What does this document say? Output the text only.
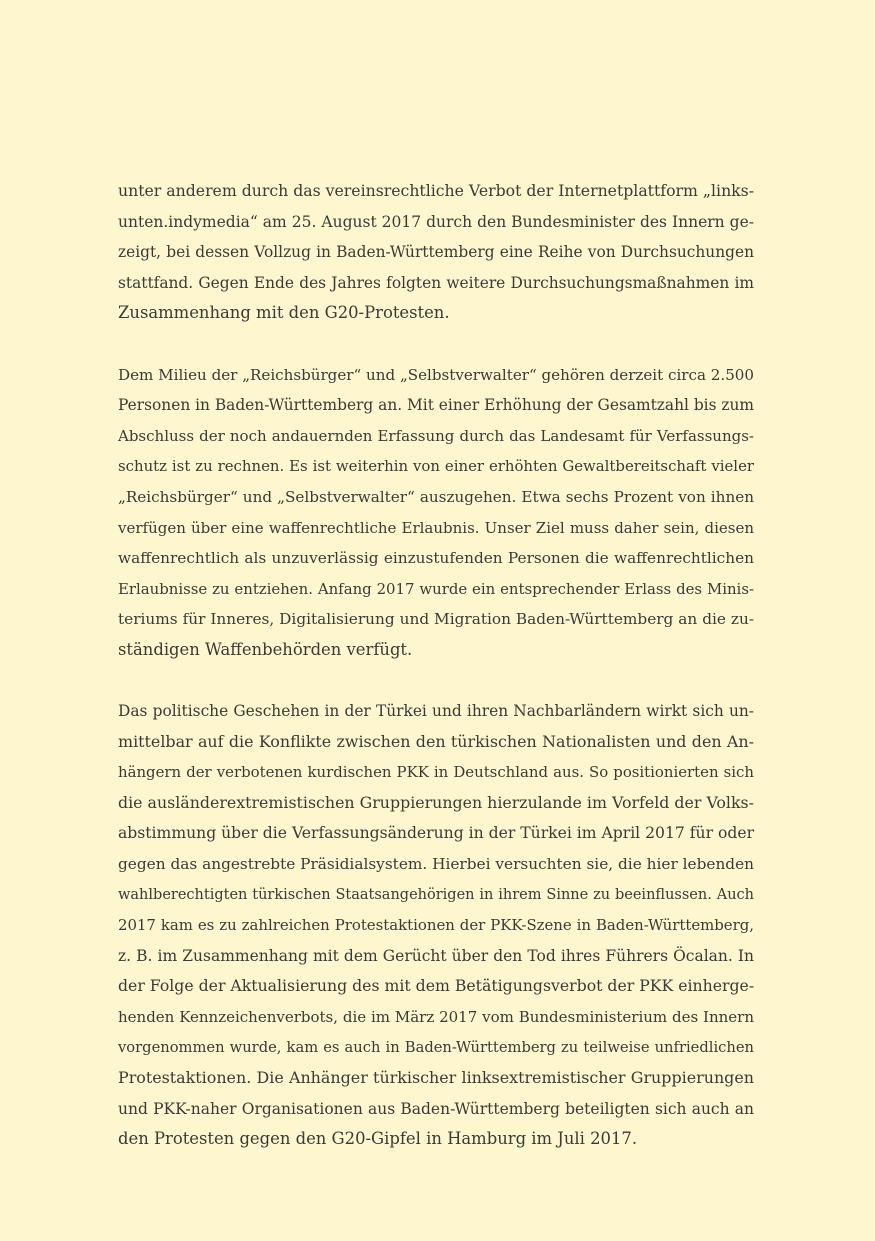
unter anderem durch das vereinsrechtliche Verbot der Internetplattform „links-
unten.indymedia“ am 25. August 2017 durch den Bundesminister des Innern ge-
zeigt, bei dessen Vollzug in Baden-Württemberg eine Reihe von Durchsuchungen
stattfand. Gegen Ende des Jahres folgten weitere Durchsuchungsmaßnahmen im
Zusammenhang mit den G20-Protesten.
Dem Milieu der „Reichsbürger“ und „Selbstverwalter“ gehören derzeit circa 2.500
Personen in Baden-Württemberg an. Mit einer Erhöhung der Gesamtzahl bis zum
Abschluss der noch andauernden Erfassung durch das Landesamt für Verfassungs-
schutz ist zu rechnen. Es ist weiterhin von einer erhöhten Gewaltbereitschaft vieler
„Reichsbürger“ und „Selbstverwalter“ auszugehen. Etwa sechs Prozent von ihnen
verfügen über eine waffenrechtliche Erlaubnis. Unser Ziel muss daher sein, diesen
waffenrechtlich als unzuverlässig einzustufenden Personen die waffenrechtlichen
Erlaubnisse zu entziehen. Anfang 2017 wurde ein entsprechender Erlass des Minis-
teriums für Inneres, Digitalisierung und Migration Baden-Württemberg an die zu-
ständigen Waffenbehörden verfügt.
Das politische Geschehen in der Türkei und ihren Nachbarländern wirkt sich un-
mittelbar auf die Konflikte zwischen den türkischen Nationalisten und den An-
hängern der verbotenen kurdischen PKK in Deutschland aus. So positionierten sich
die ausländerextremistischen Gruppierungen hierzulande im Vorfeld der Volks-
abstimmung über die Verfassungsänderung in der Türkei im April 2017 für oder
gegen das angestrebte Präsidialsystem. Hierbei versuchten sie, die hier lebenden
wahlberechtigten türkischen Staatsangehörigen in ihrem Sinne zu beeinflussen. Auch
2017 kam es zu zahlreichen Protestaktionen der PKK-Szene in Baden-Württemberg,
z. B. im Zusammenhang mit dem Gerücht über den Tod ihres Führers Öcalan. In
der Folge der Aktualisierung des mit dem Betätigungsverbot der PKK einherge-
henden Kennzeichenverbots, die im März 2017 vom Bundesministerium des Innern
vorgenommen wurde, kam es auch in Baden-Württemberg zu teilweise unfriedlichen
Protestaktionen. Die Anhänger türkischer linksextremistischer Gruppierungen
und PKK-naher Organisationen aus Baden-Württemberg beteiligten sich auch an
den Protesten gegen den G20-Gipfel in Hamburg im Juli 2017.
